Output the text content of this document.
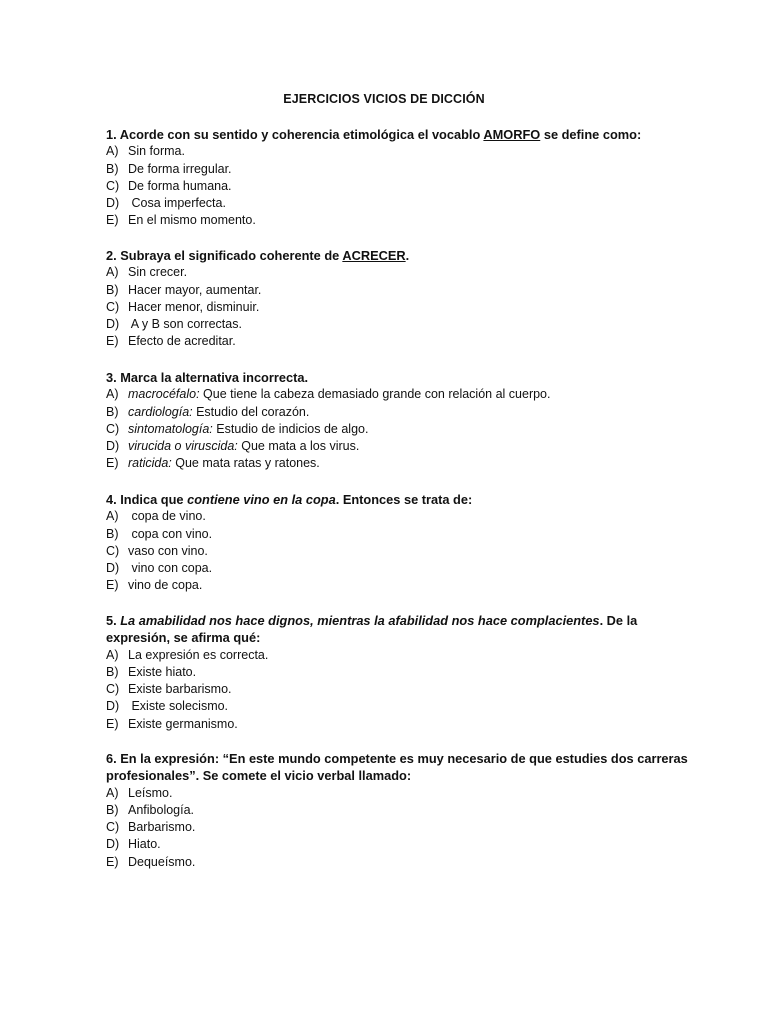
EJERCICIOS VICIOS DE DICCIÓN
1. Acorde con su sentido y coherencia etimológica el vocablo AMORFO se define como:
A) Sin forma.
B) De forma irregular.
C) De forma humana.
D) Cosa imperfecta.
E) En el mismo momento.
2. Subraya el significado coherente de ACRECER.
A) Sin crecer.
B) Hacer mayor, aumentar.
C) Hacer menor, disminuir.
D) A y B son correctas.
E) Efecto de acreditar.
3. Marca la alternativa incorrecta.
A) macrocéfalo: Que tiene la cabeza demasiado grande con relación al cuerpo.
B) cardiología: Estudio del corazón.
C) sintomatología: Estudio de indicios de algo.
D) virucida o viruscida: Que mata a los virus.
E) raticida: Que mata ratas y ratones.
4. Indica que contiene vino en la copa. Entonces se trata de:
A) copa de vino.
B) copa con vino.
C) vaso con vino.
D) vino con copa.
E) vino de copa.
5. La amabilidad nos hace dignos, mientras la afabilidad nos hace complacientes. De la
expresión, se afirma qué:
A) La expresión es correcta.
B) Existe hiato.
C) Existe barbarismo.
D) Existe solecismo.
E) Existe germanismo.
6. En la expresión: “En este mundo competente es muy necesario de que estudies dos carreras
profesionales”. Se comete el vicio verbal llamado:
A) Leísmo.
B) Anfibología.
C) Barbarismo.
D) Hiato.
E) Dequeísmo.
